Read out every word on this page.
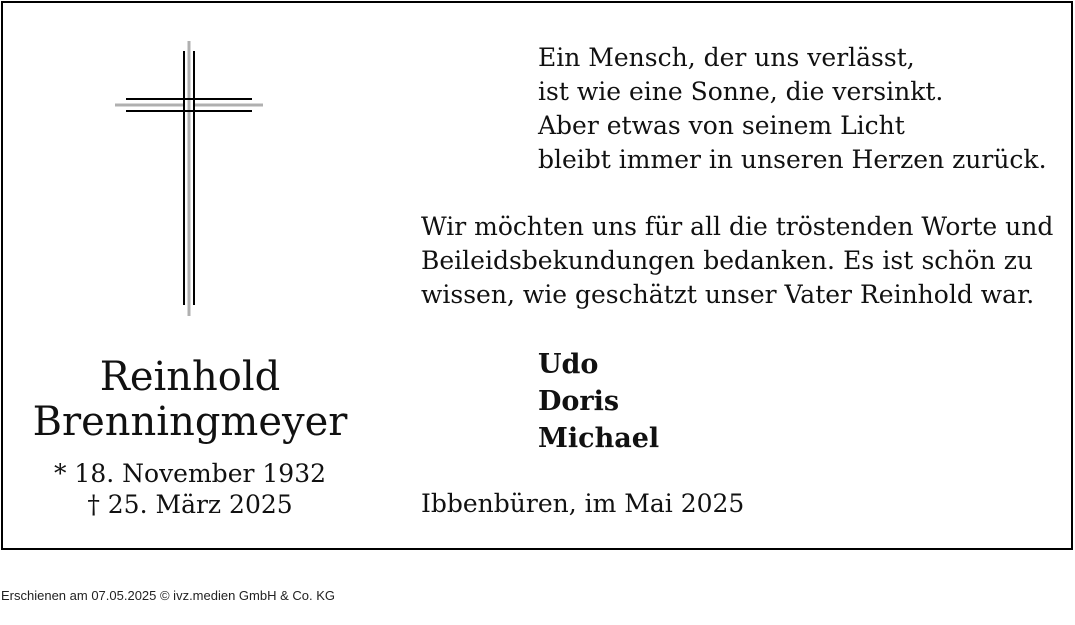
Reinhold
Brenningmeyer
* 18. November 1932
† 25. März 2025
Ein Mensch, der uns verlässt,
ist wie eine Sonne, die versinkt.
Aber etwas von seinem Licht
bleibt immer in unseren Herzen zurück.
Wir möchten uns für all die tröstenden Worte und
Beileidsbekundungen bedanken. Es ist schön zu
wissen, wie geschätzt unser Vater Reinhold war.
Udo
Doris
Michael
Ibbenbüren, im Mai 2025
Erschienen am 07.05.2025 © ivz.medien GmbH & Co. KG
